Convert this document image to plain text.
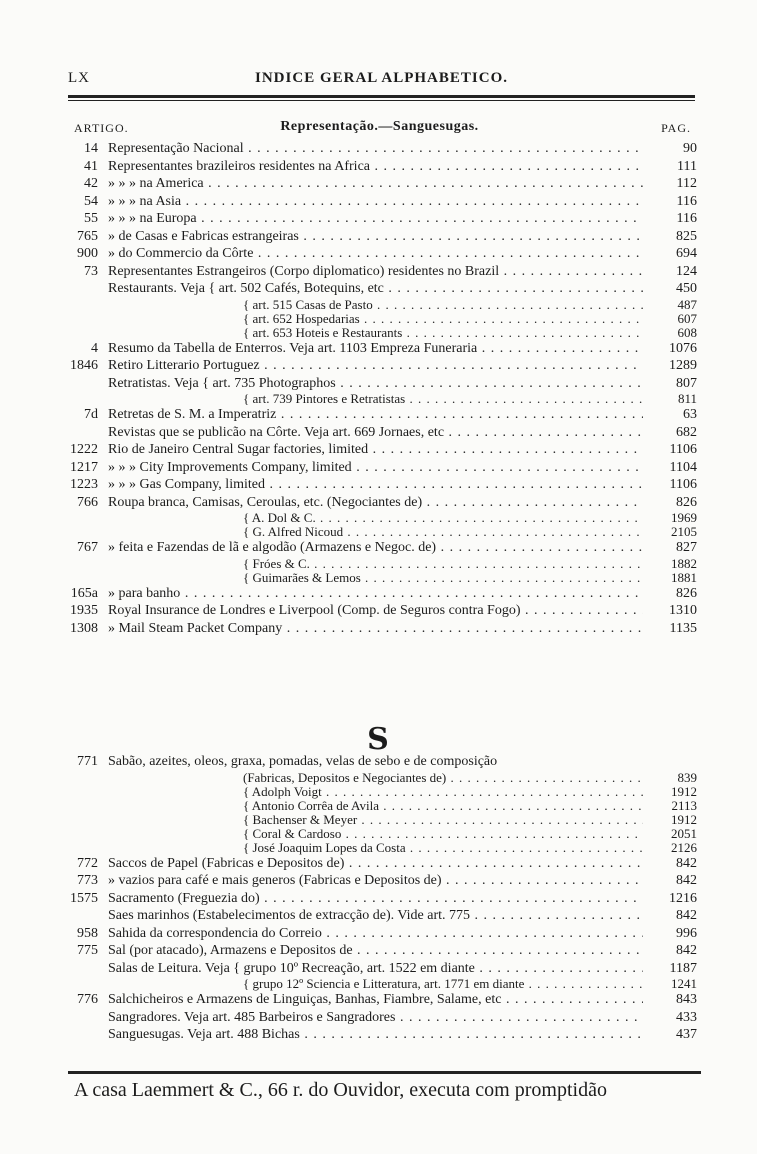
LX	INDICE GERAL ALPHABETICO.
ARTIGO.	Representação.—Sanguesugas.	PAG.
14 Representação Nacional . . .	90
41 Representantes brazileiros residentes na Africa . . .	111
42 » » » na America . . .	112
54 » » » na Asia . . .	116
55 » » » na Europa . . .	116
765 » de Casas e Fabricas estrangeiras . . .	825
900 » do Commercio da Côrte . . .	694
73 Representantes Estrangeiros (Corpo diplomatico) residentes no Brazil . . .	124
Restaurants. Veja { art. 502 Cafés, Botequins, etc . . .	450
{ art. 515 Casas de Pasto . . .	487
{ art. 652 Hospedarias . . .	607
{ art. 653 Hoteis e Restaurants . . .	608
4 Resumo da Tabella de Enterros. Veja art. 1103 Empreza Funeraria . . .	1076
1846 Retiro Litterario Portuguez . . .	1289
Retratistas. Veja { art. 735 Photographos . . .	807
{ art. 739 Pintores e Retratistas . . .	811
7d Retretas de S. M. a Imperatriz . . .	63
Revistas que se publicão na Côrte. Veja art. 669 Jornaes, etc . . .	682
1222 Rio de Janeiro Central Sugar factories, limited . . .	1106
1217 » » » City Improvements Company, limited . . .	1104
1223 » » » Gas Company, limited . . .	1106
766 Roupa branca, Camisas, Ceroulas, etc. (Negociantes de) . . .	826
{ A. Dol & C. . . .	1969
{ G. Alfred Nicoud . . .	2105
767 » feita e Fazendas de lã e algodão (Armazens e Negoc. de) . . .	827
{ Fróes & C. . . .	1882
{ Guimarães & Lemos . . .	1881
165a » para banho . . .	826
1935 Royal Insurance de Londres e Liverpool (Comp. de Seguros contra Fogo) . . .	1310
1308 » Mail Steam Packet Company . . .	1135
S
771 Sabão, azeites, oleos, graxa, pomadas, velas de sebo e de composição
(Fabricas, Depositos e Negociantes de) . . .	839
{ Adolph Voigt . . .	1912
{ Antonio Corrêa de Avila . . .	2113
{ Bachenser & Meyer . . .	1912
{ Coral & Cardoso . . .	2051
{ José Joaquim Lopes da Costa . . .	2126
772 Saccos de Papel (Fabricas e Depositos de) . . .	842
773 » vazios para café e mais generos (Fabricas e Depositos de) . . .	842
1575 Sacramento (Freguezia do) . . .	1216
Saes marinhos (Estabelecimentos de extracção de). Vide art. 775 . . .	842
958 Sahida da correspondencia do Correio . . .	996
775 Sal (por atacado), Armazens e Depositos de . . .	842
Salas de Leitura. Veja { grupo 10º Recreação, art. 1522 em diante . . .	1187
{ grupo 12º Sciencia e Litteratura, art. 1771 em diante . . .	1241
776 Salchicheiros e Armazens de Linguiças, Banhas, Fiambre, Salame, etc . . .	843
Sangradores. Veja art. 485 Barbeiros e Sangradores . . .	433
Sanguesugas. Veja art. 488 Bichas . . .	437
A casa Laemmert & C., 66 r. do Ouvidor, executa com promptidão
